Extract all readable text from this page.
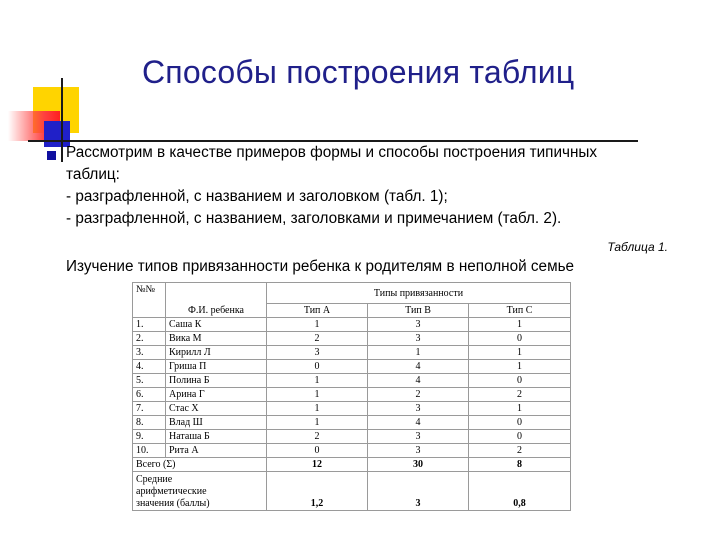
Способы построения таблиц
Рассмотрим в качестве примеров формы и способы построения типичных
таблиц:
- разграфленной, с названием и заголовком (табл. 1);
- разграфленной, с названием, заголовками и примечанием (табл. 2).
Таблица 1.
Изучение типов привязанности ребенка к родителям в неполной семье
№№	Ф.И. ребенка	Типы привязанности		
		Тип А	Тип В	Тип С
1.	Саша К	1	3	1
2.	Вика М	2	3	0
3.	Кирилл Л	3	1	1
4.	Гриша П	0	4	1
5.	Полина Б	1	4	0
6.	Арина Г	1	2	2
7.	Стас Х	1	3	1
8.	Влад Ш	1	4	0
9.	Наташа Б	2	3	0
10.	Рита А	0	3	2
Всего (Σ)		12	30	8

Средние
арифметические
значения (баллы)		1,2	3	0,8
